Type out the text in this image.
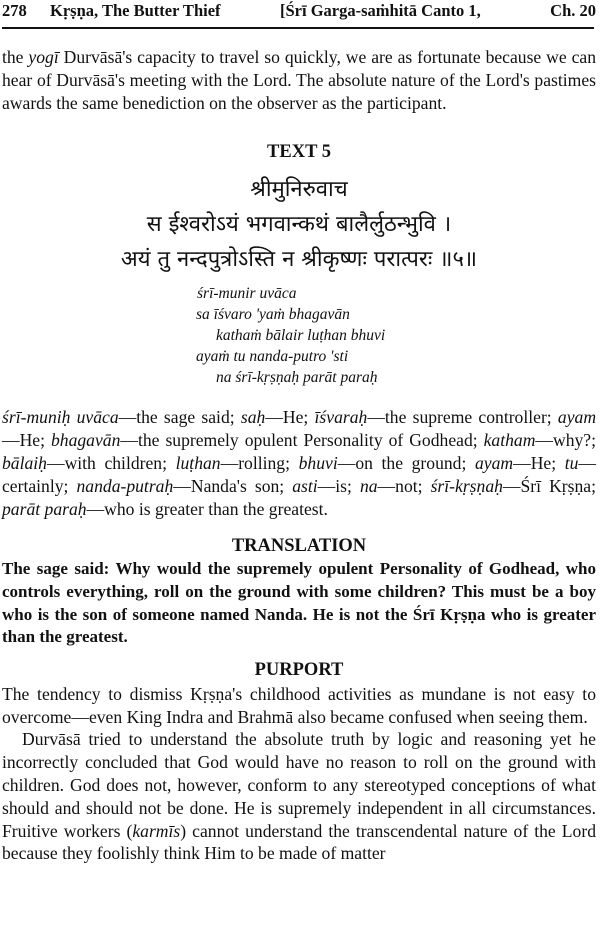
278	Kṛṣṇa, The Butter Thief	[Śrī Garga-saṁhitā Canto 1,	Ch. 20

the yogī Durvāsā's capacity to travel so quickly, we are as fortunate because we can hear of Durvāsā's meeting with the Lord. The absolute nature of the Lord's pastimes awards the same benediction on the observer as the participant.

TEXT 5

श्रीमुनिरुवाच

स ईश्वरोऽयं भगवान्कथं बालैर्लुठन्भुवि ।

अयं तु नन्दपुत्रोऽस्ति न श्रीकृष्णः परात्परः ॥५॥

śrī-munir uvāca
sa īśvaro 'yaṁ bhagavān
kathaṁ bālair luṭhan bhuvi
ayaṁ tu nanda-putro 'sti
na śrī-kṛṣṇaḥ parāt paraḥ

śrī-muniḥ uvāca—the sage said; saḥ—He; īśvaraḥ—the supreme controller; ayam—He; bhagavān—the supremely opulent Personality of Godhead; katham—why?; bālaiḥ—with children; luṭhan—rolling; bhuvi—on the ground; ayam—He; tu—certainly; nanda-putraḥ—Nanda's son; asti—is; na—not; śrī-kṛṣṇaḥ—Śrī Kṛṣṇa; parāt paraḥ—who is greater than the greatest.

TRANSLATION

The sage said: Why would the supremely opulent Personality of Godhead, who controls everything, roll on the ground with some children? This must be a boy who is the son of someone named Nanda. He is not the Śrī Kṛṣṇa who is greater than the greatest.

PURPORT

The tendency to dismiss Kṛṣṇa's childhood activities as mundane is not easy to overcome—even King Indra and Brahmā also became confused when seeing them.

Durvāsā tried to understand the absolute truth by logic and reasoning yet he incorrectly concluded that God would have no reason to roll on the ground with children. God does not, however, conform to any stereotyped conceptions of what should and should not be done. He is supremely independent in all circumstances. Fruitive workers (karmīs) cannot understand the transcendental nature of the Lord because they foolishly think Him to be made of matter
